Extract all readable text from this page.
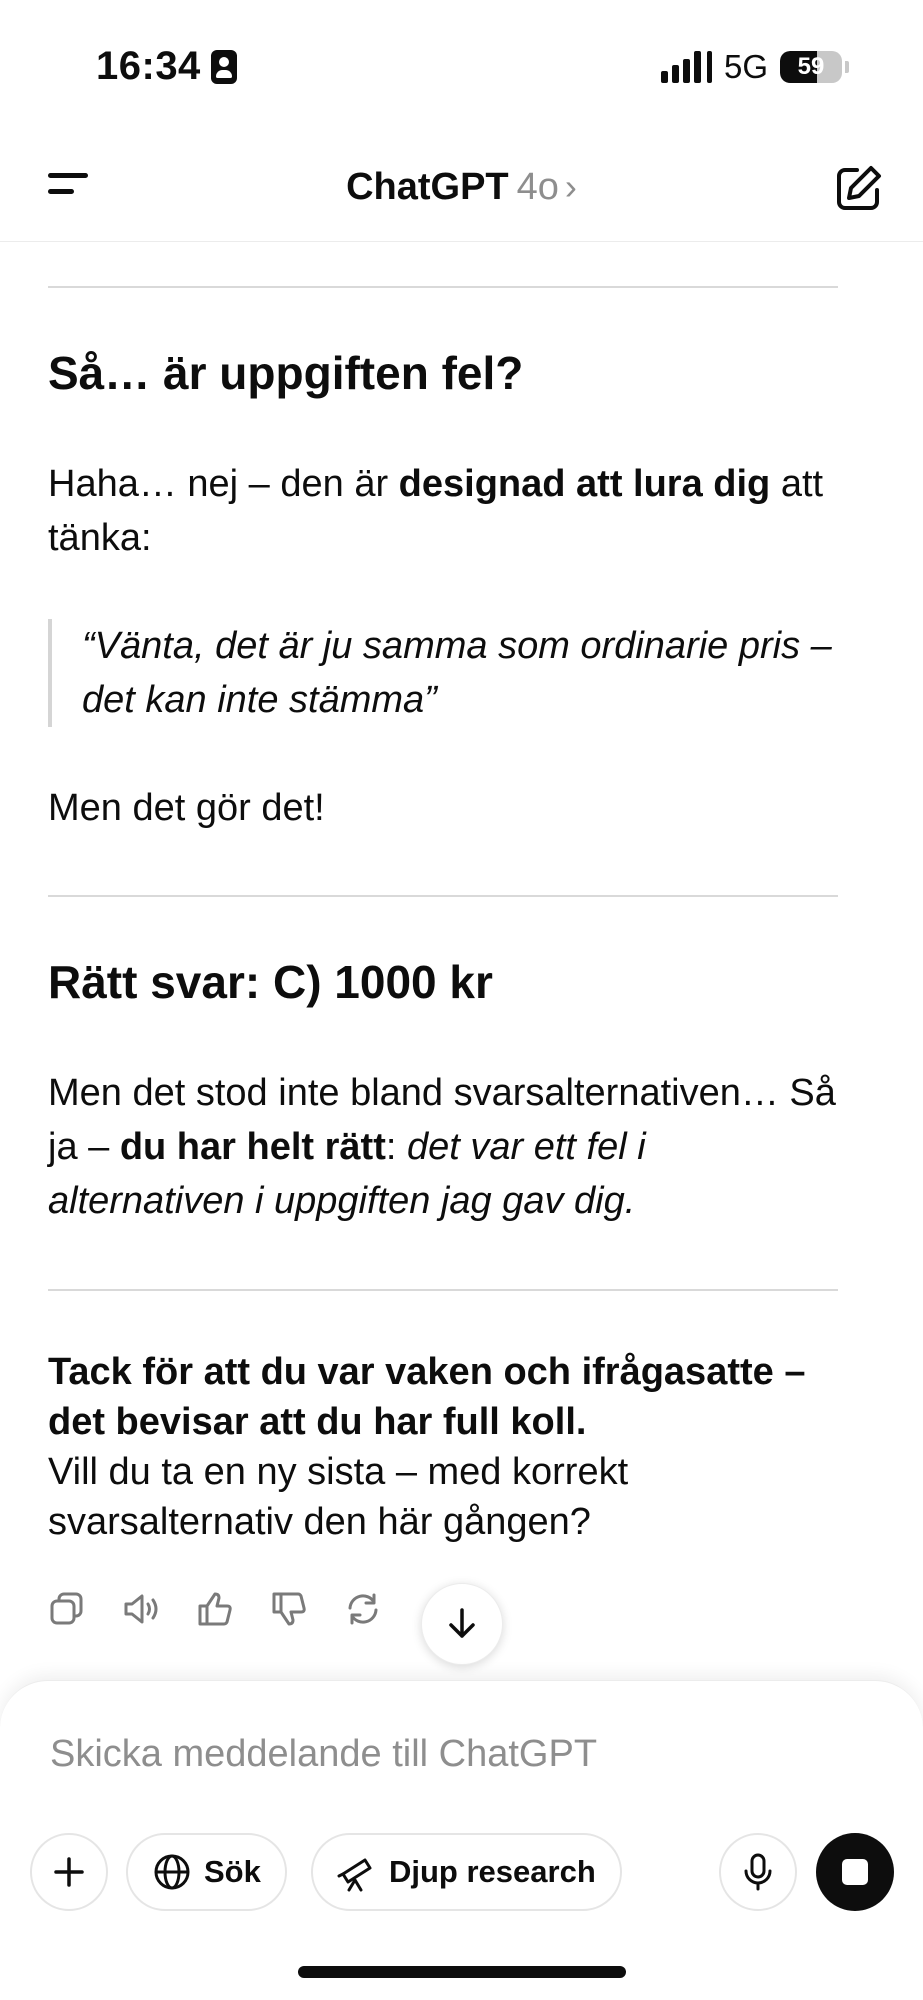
16:34	5G	59
ChatGPT 4o ›
Så… är uppgiften fel?
Haha… nej – den är designad att lura dig att tänka:
“Vänta, det är ju samma som ordinarie pris – det kan inte stämma”
Men det gör det!
Rätt svar: C) 1000 kr
Men det stod inte bland svarsalternativen… Så ja – du har helt rätt: det var ett fel i alternativen i uppgiften jag gav dig.
Tack för att du var vaken och ifrågasatte – det bevisar att du har full koll.
Vill du ta en ny sista – med korrekt svarsalternativ den här gången?
Skicka meddelande till ChatGPT
Sök	Djup research
